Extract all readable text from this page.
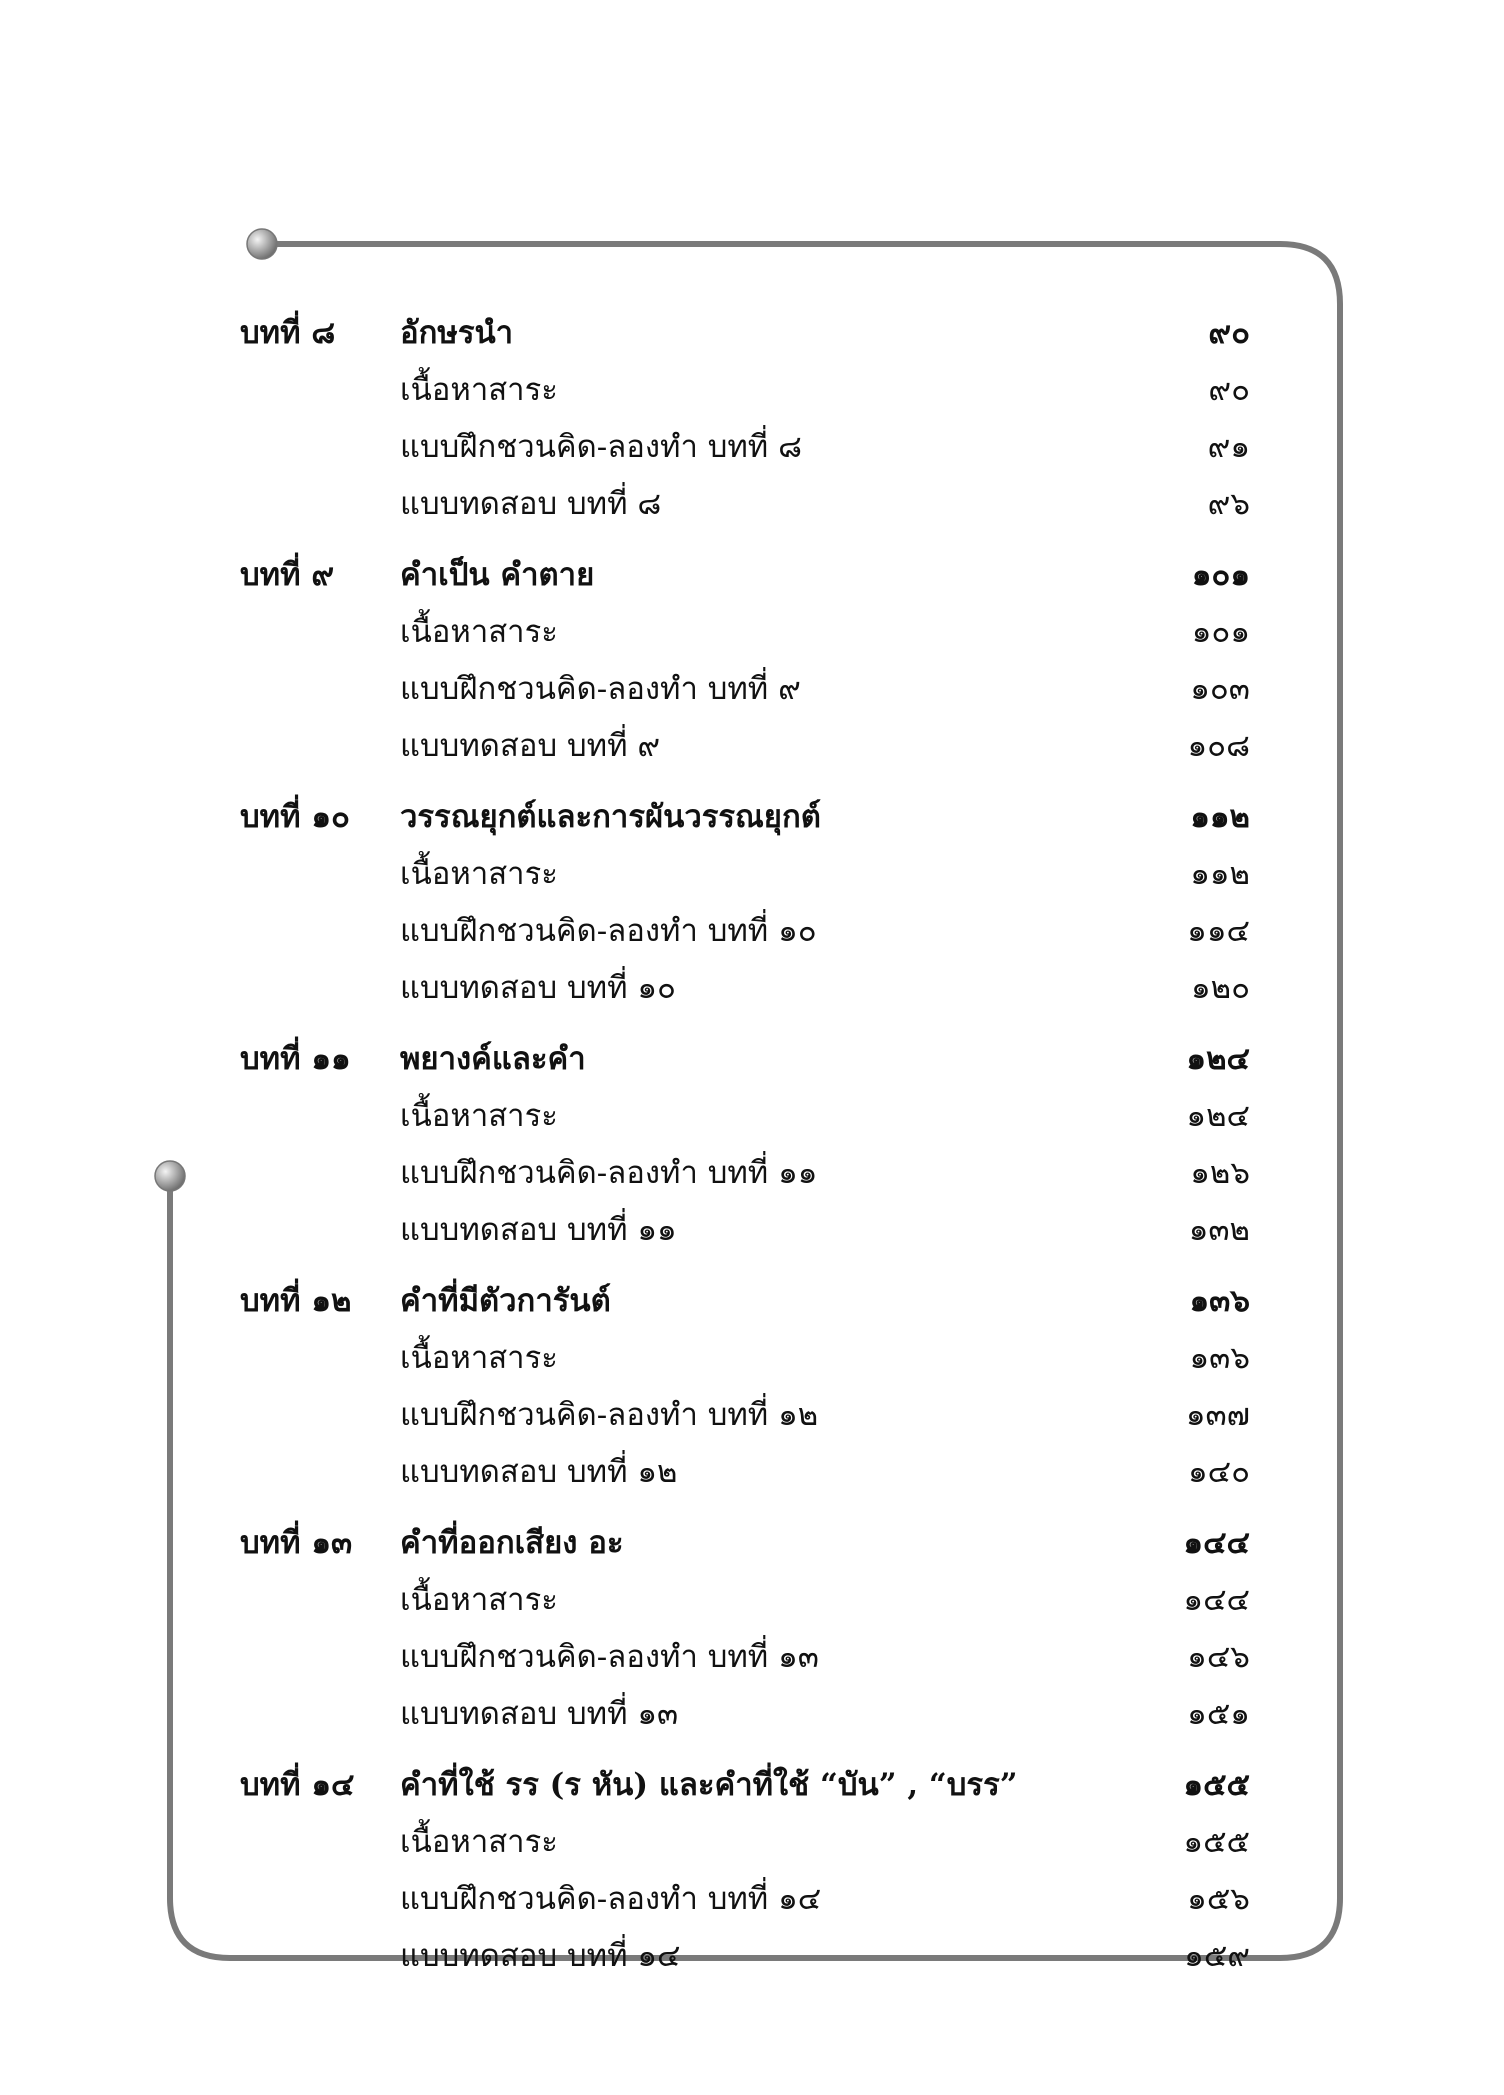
บทที่ ๘ อักษรนำ	๙๐
เนื้อหาสาระ	๙๐
แบบฝึกชวนคิด-ลองทำ บทที่ ๘	๙๑
แบบทดสอบ บทที่ ๘	๙๖
บทที่ ๙ คำเป็น คำตาย	๑๐๑
เนื้อหาสาระ	๑๐๑
แบบฝึกชวนคิด-ลองทำ บทที่ ๙	๑๐๓
แบบทดสอบ บทที่ ๙	๑๐๘
บทที่ ๑๐ วรรณยุกต์และการผันวรรณยุกต์	๑๑๒
เนื้อหาสาระ	๑๑๒
แบบฝึกชวนคิด-ลองทำ บทที่ ๑๐	๑๑๔
แบบทดสอบ บทที่ ๑๐	๑๒๐
บทที่ ๑๑ พยางค์และคำ	๑๒๔
เนื้อหาสาระ	๑๒๔
แบบฝึกชวนคิด-ลองทำ บทที่ ๑๑	๑๒๖
แบบทดสอบ บทที่ ๑๑	๑๓๒
บทที่ ๑๒ คำที่มีตัวการันต์	๑๓๖
เนื้อหาสาระ	๑๓๖
แบบฝึกชวนคิด-ลองทำ บทที่ ๑๒	๑๓๗
แบบทดสอบ บทที่ ๑๒	๑๔๐
บทที่ ๑๓ คำที่ออกเสียง อะ	๑๔๔
เนื้อหาสาระ	๑๔๔
แบบฝึกชวนคิด-ลองทำ บทที่ ๑๓	๑๔๖
แบบทดสอบ บทที่ ๑๓	๑๕๑
บทที่ ๑๔ คำที่ใช้ รร (ร หัน) และคำที่ใช้ “บัน” , “บรร”	๑๕๕
เนื้อหาสาระ	๑๕๕
แบบฝึกชวนคิด-ลองทำ บทที่ ๑๔	๑๕๖
แบบทดสอบ บทที่ ๑๔	๑๕๙
